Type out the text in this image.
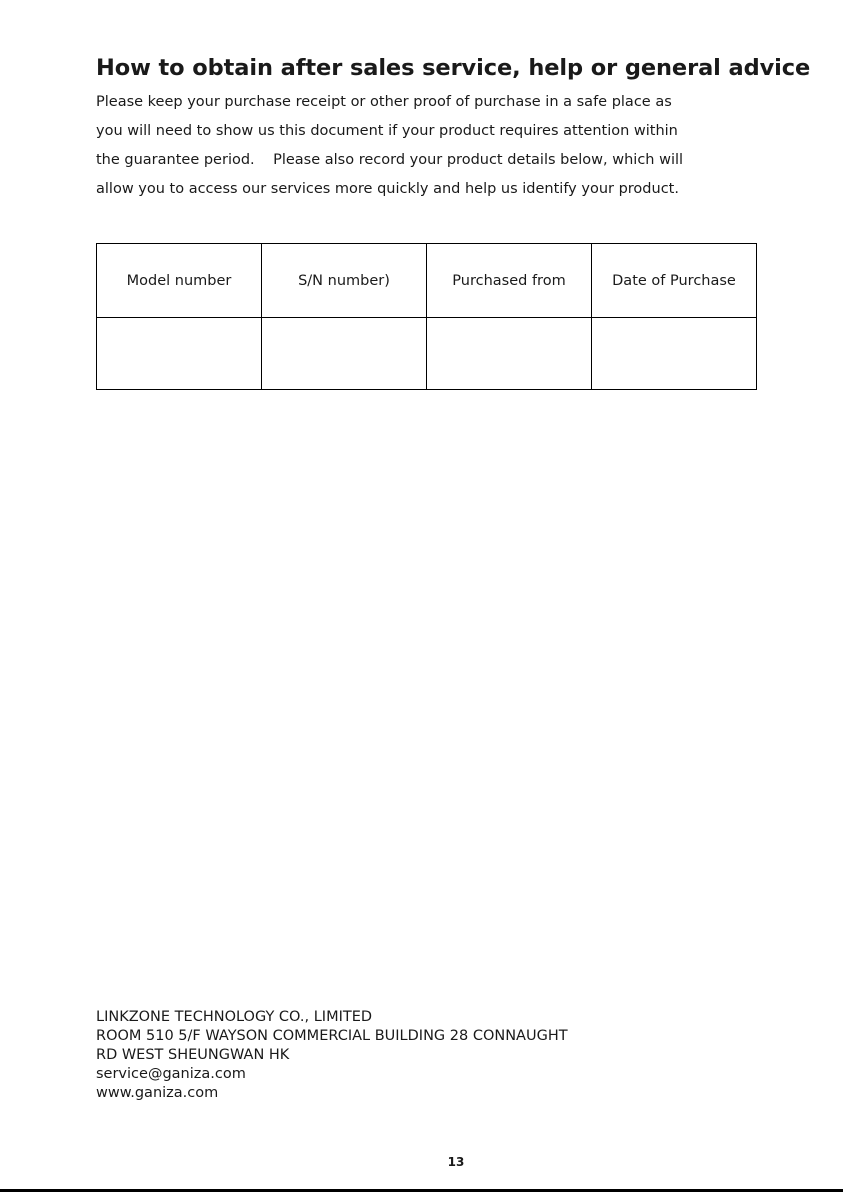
How to obtain after sales service, help or general advice

Please keep your purchase receipt or other proof of purchase in a safe place as
you will need to show us this document if your product requires attention within
the guarantee period.    Please also record your product details below, which will
allow you to access our services more quickly and help us identify your product.

Model number	S/N number)	Purchased from	Date of Purchase

LINKZONE TECHNOLOGY CO., LIMITED
ROOM 510 5/F WAYSON COMMERCIAL BUILDING 28 CONNAUGHT
RD WEST SHEUNGWAN HK
service@ganiza.com
www.ganiza.com

13
